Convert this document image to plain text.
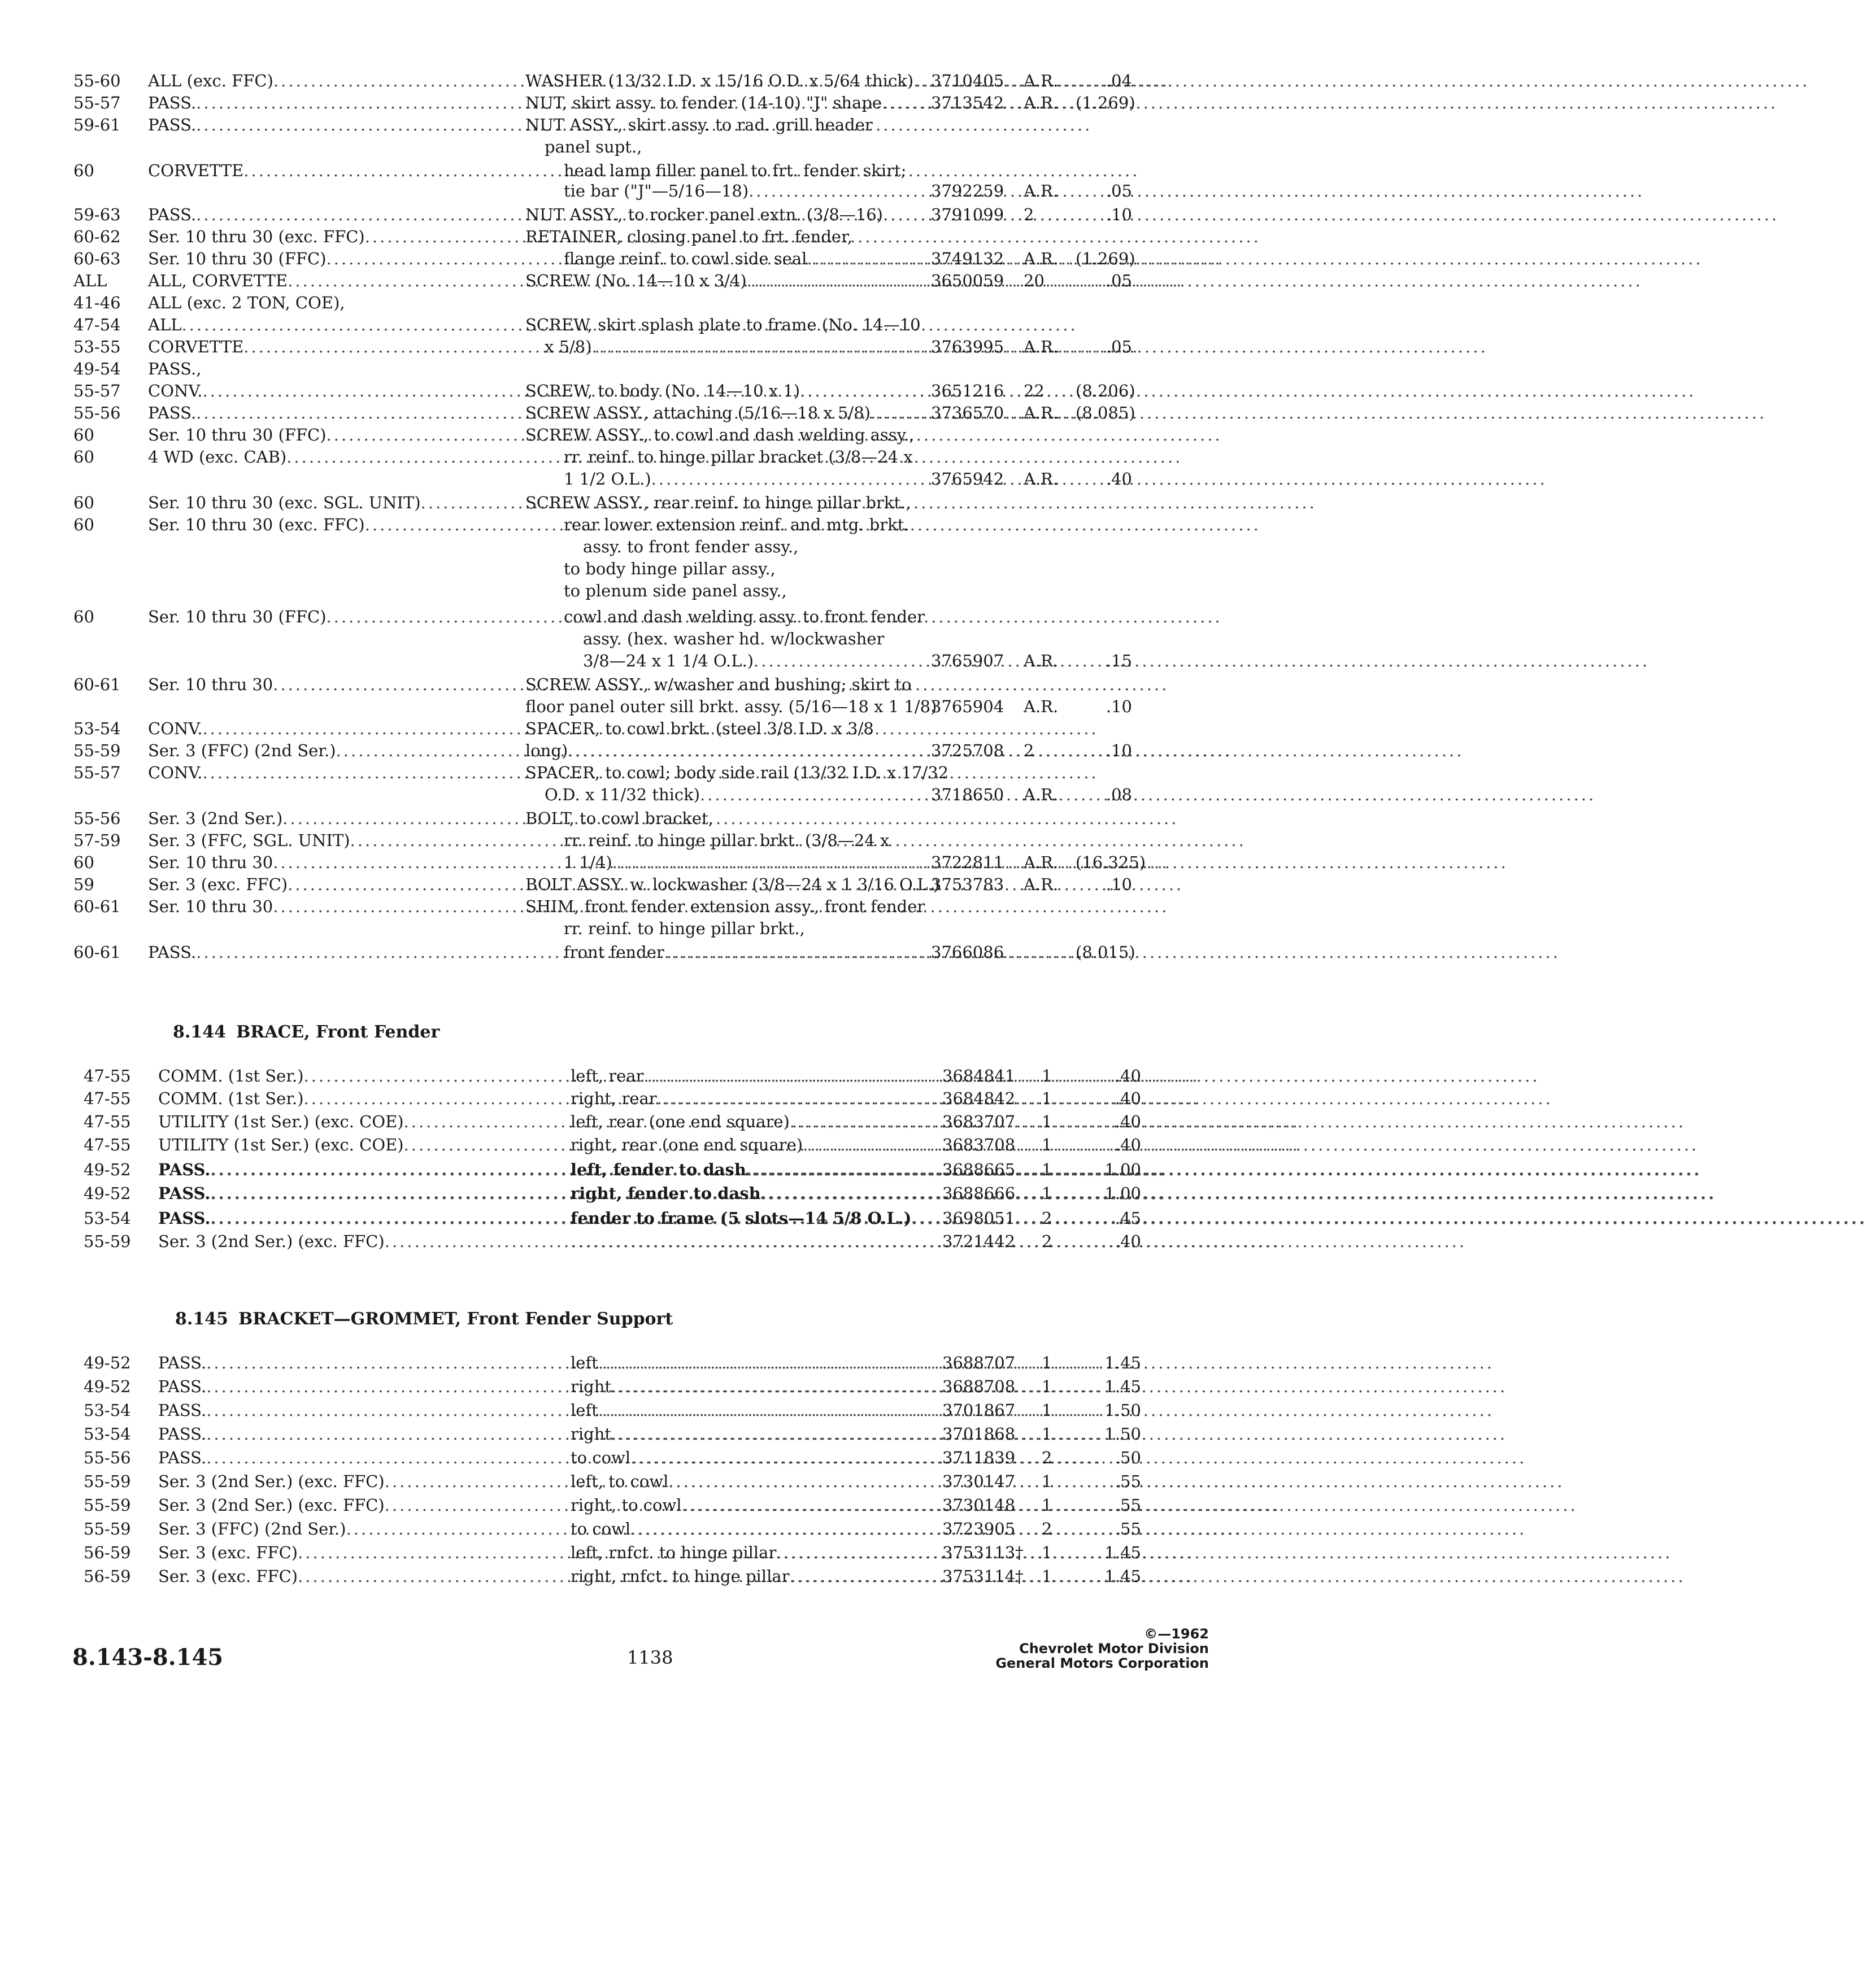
55-60	ALL (exc. FFC) .....	WASHER (13/32 I.D. x 15/16 O.D. x 5/64 thick) .....	3710405	A.R.	.04
55-57	PASS. .....	NUT, skirt assy. to fender (14-10) "J" shape .....	3713542	A.R.	(1.269)
59-61	PASS. .....	NUT ASSY., skirt assy. to rad. grill header
panel supt.,
60	CORVETTE .....	head lamp filler panel to frt. fender skirt;
tie bar ("J"—5/16—18) .....	3792259	A.R.	.05
59-63	PASS. .....	NUT ASSY., to rocker panel extn. (3/8—16) .....	3791099	2	.10
60-62	Ser. 10 thru 30 (exc. FFC) .....	RETAINER, closing panel to frt. fender,
60-63	Ser. 10 thru 30 (FFC) .....	flange reinf. to cowl side seal .....	3749132	A.R.	(1.269)
ALL	ALL, CORVETTE .....	SCREW (No. 14—10 x 3/4) .....	3650059	20	.05
41-46	ALL (exc. 2 TON, COE),
47-54	ALL .....	SCREW, skirt splash plate to frame (No. 14—10
53-55	CORVETTE .....	x 5/8) .....	3763995	A.R.	.05
49-54	PASS.,
55-57	CONV. .....	SCREW, to body (No. 14—10 x 1) .....	3651216	22	(8.206)
55-56	PASS. .....	SCREW ASSY., attaching (5/16—18 x 5/8) .....	3736570	A.R.	(8.085)
60	Ser. 10 thru 30 (FFC) .....	SCREW ASSY., to cowl and dash welding assy.,
60	4 WD (exc. CAB) .....	rr. reinf. to hinge pillar bracket (3/8—24 x
1 1/2 O.L.) .....	3765942	A.R.	.40
60	Ser. 10 thru 30 (exc. SGL. UNIT) .....	SCREW ASSY., rear reinf. to hinge pillar brkt.,
60	Ser. 10 thru 30 (exc. FFC) .....	rear lower extension reinf. and mtg. brkt.
assy. to front fender assy.,
to body hinge pillar assy.,
to plenum side panel assy.,
60	Ser. 10 thru 30 (FFC) .....	cowl and dash welding assy. to front fender
assy. (hex. washer hd. w/lockwasher
3/8—24 x 1 1/4 O.L.) .....	3765907	A.R.	.15
60-61	Ser. 10 thru 30 .....	SCREW ASSY., w/washer and bushing; skirt to
floor panel outer sill brkt. assy. (5/16—18 x 1 1/8)
3765904	A.R.	.10
53-54	CONV. .....	SPACER, to cowl brkt. (steel 3/8 I.D. x 3/8
55-59	Ser. 3 (FFC) (2nd Ser.) .....	long) .....	3725708	2	.10
55-57	CONV. .....	SPACER, to cowl; body side rail (13/32 I.D. x 17/32
O.D. x 11/32 thick) .....	3718650	A.R.	.08
55-56	Ser. 3 (2nd Ser.) .....	BOLT, to cowl bracket,
57-59	Ser. 3 (FFC, SGL. UNIT) .....	rr. reinf. to hinge pillar brkt. (3/8—24 x
60	Ser. 10 thru 30 .....	1 1/4) .....	3722811	A.R.	(16.325)
59	Ser. 3 (exc. FFC) .....	BOLT ASSY. w. lockwasher (3/8—24 x 1 3/16 O.L.)
3753783	A.R.	.10
60-61	Ser. 10 thru 30 .....	SHIM, front fender extension assy., front fender
rr. reinf. to hinge pillar brkt.,
60-61	PASS. .....	front fender .....	3766086	(8.015)
8.144 BRACE, Front Fender
47-55	COMM. (1st Ser.) .....	left, rear .....	3684841	1	.40
47-55	COMM. (1st Ser.) .....	right, rear .....	3684842	1	.40
47-55	UTILITY (1st Ser.) (exc. COE) .....	left, rear (one end square) .....	3683707	1	.40
47-55	UTILITY (1st Ser.) (exc. COE) .....	right, rear (one end square) .....	3683708	1	.40
49-52	PASS. .....	left, fender to dash .....	3688665	1	1.00
49-52	PASS. .....	right, fender to dash .....	3688666	1	1.00
53-54	PASS. .....	fender to frame (5 slots—14 5/8 O.L.) .....	3698051	2	.45
55-59	Ser. 3 (2nd Ser.) (exc. FFC) .....
.....	3721442	2	.40
8.145 BRACKET—GROMMET, Front Fender Support
49-52	PASS. .....	left .....	3688707	1	1.45
49-52	PASS. .....	right .....	3688708	1	1.45
53-54	PASS. .....	left .....	3701867	1	1.50
53-54	PASS. .....	right .....	3701868	1	1.50
55-56	PASS. .....	to cowl .....	3711839	2	.50
55-59	Ser. 3 (2nd Ser.) (exc. FFC) .....	left, to cowl .....	3730147	1	.55
55-59	Ser. 3 (2nd Ser.) (exc. FFC) .....	right, to cowl .....	3730148	1	.55
55-59	Ser. 3 (FFC) (2nd Ser.) .....	to cowl .....	3723905	2	.55
56-59	Ser. 3 (exc. FFC) .....	left, rnfct. to hinge pillar .....	3753113†	1	1.45
56-59	Ser. 3 (exc. FFC) .....	right, rnfct. to hinge pillar .....	3753114†	1	1.45
8.143-8.145	1138
©—1962
Chevrolet Motor Division
General Motors Corporation
